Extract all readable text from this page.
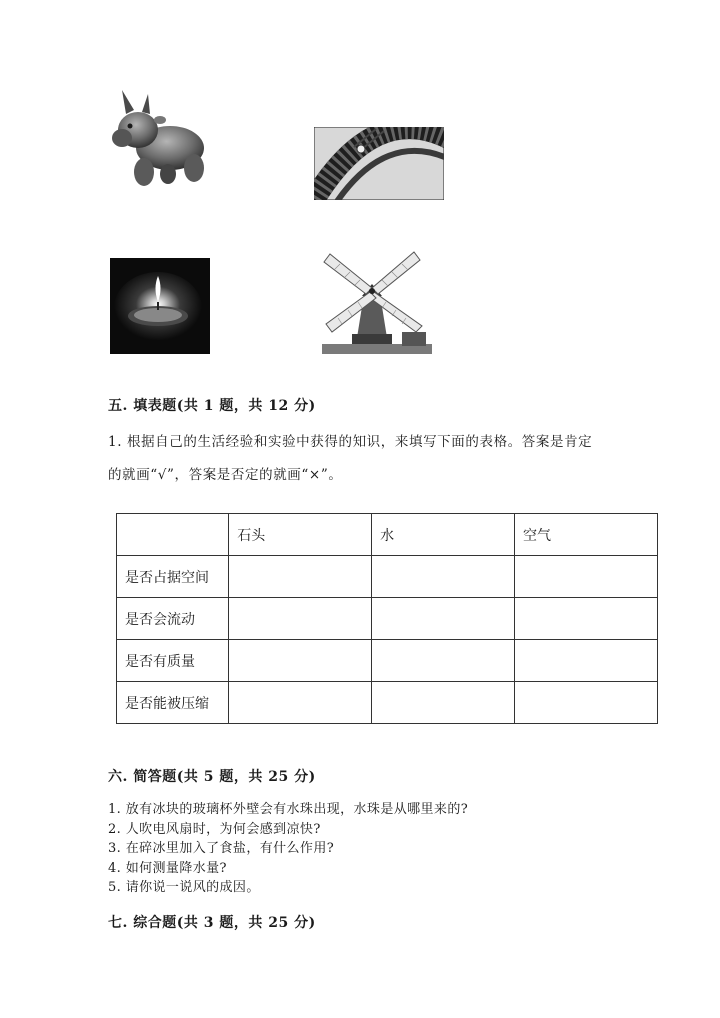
五. 填表题(共 1 题，共 12 分)
1. 根据自己的生活经验和实验中获得的知识，来填写下面的表格。答案是肯定
的就画“√”，答案是否定的就画“×”。
	石头	水	空气
是否占据空间			
是否会流动			
是否有质量			
是否能被压缩			
六. 简答题(共 5 题，共 25 分)
1. 放有冰块的玻璃杯外壁会有水珠出现，水珠是从哪里来的?
2. 人吹电风扇时，为何会感到凉快?
3. 在碎冰里加入了食盐，有什么作用?
4. 如何测量降水量?
5. 请你说一说风的成因。
七. 综合题(共 3 题，共 25 分)
